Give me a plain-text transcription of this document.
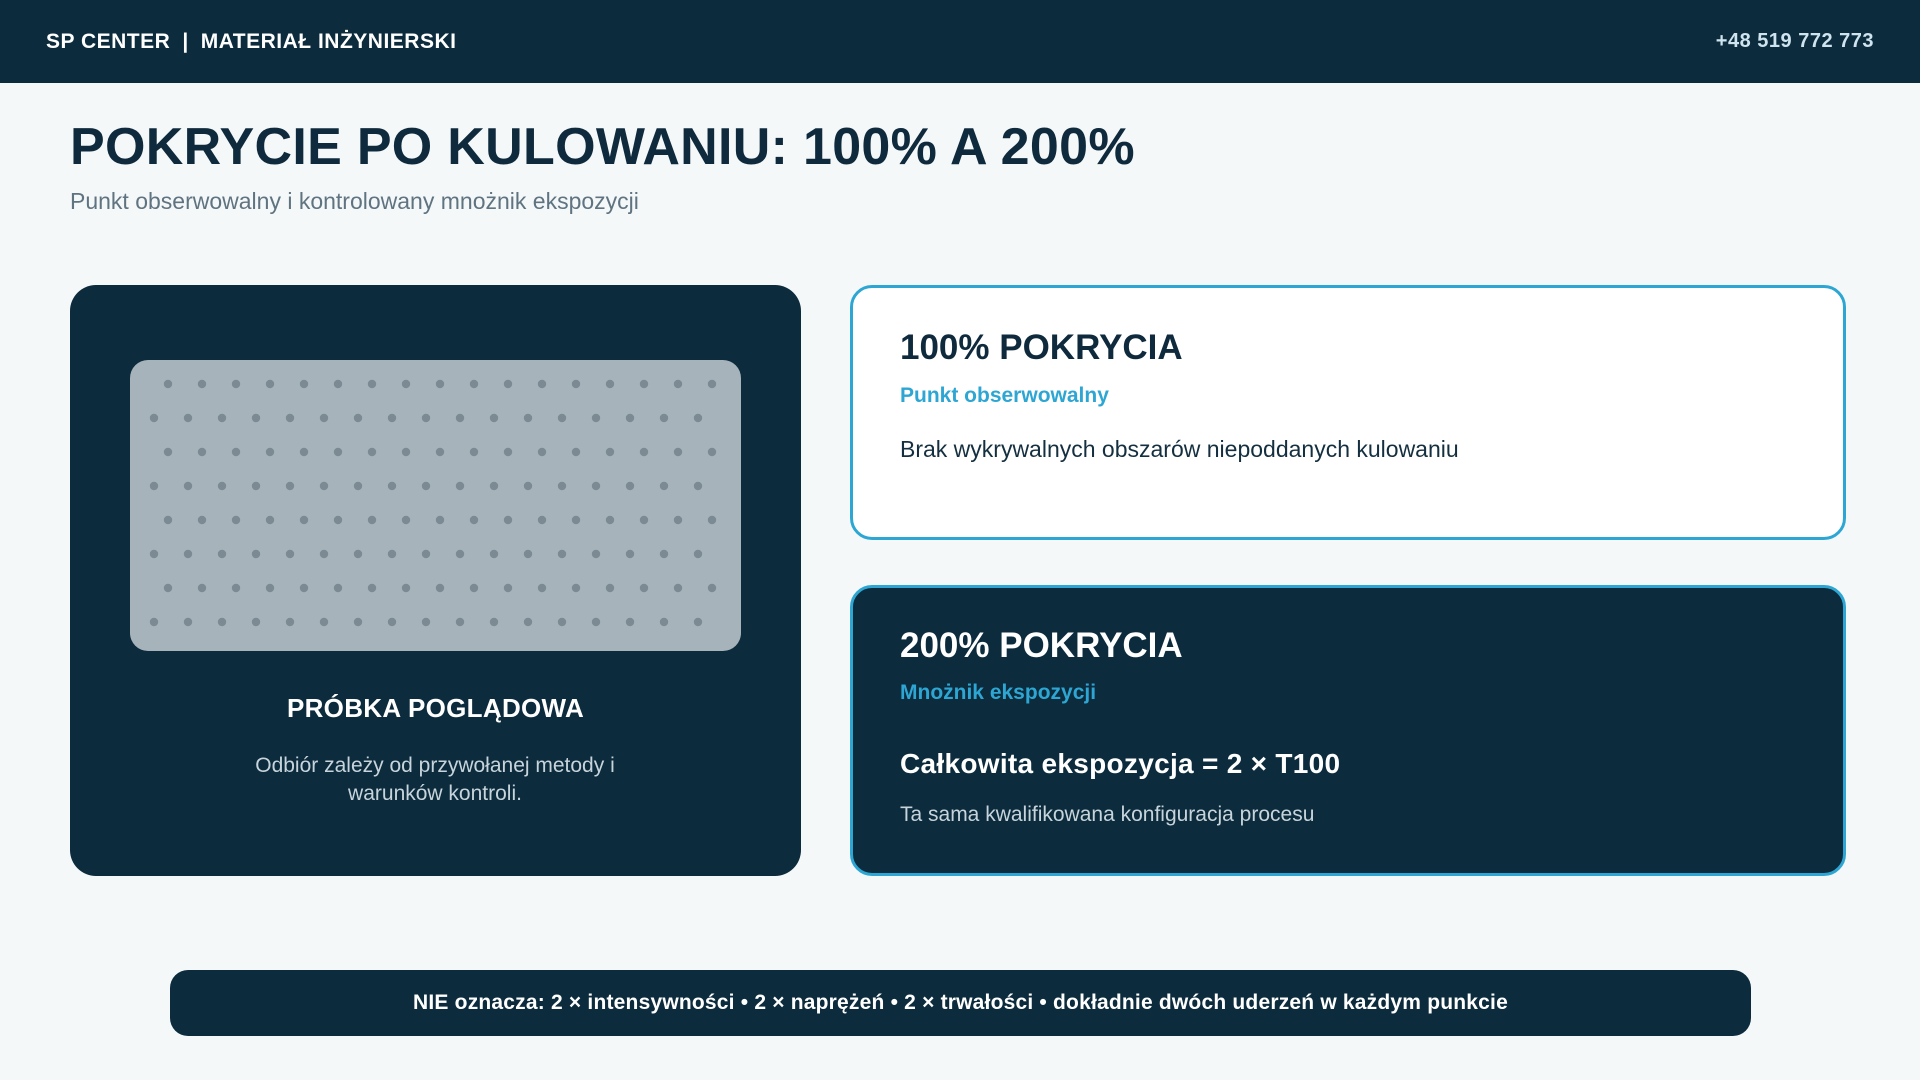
SP CENTER | MATERIAŁ INŻYNIERSKI	+48 519 772 773
POKRYCIE PO KULOWANIU: 100% A 200%
Punkt obserwowalny i kontrolowany mnożnik ekspozycji
PRÓBKA POGLĄDOWA
Odbiór zależy od przywołanej metody i warunków kontroli.
100% POKRYCIA
Punkt obserwowalny
Brak wykrywalnych obszarów niepoddanych kulowaniu
200% POKRYCIA
Mnożnik ekspozycji
Całkowita ekspozycja = 2 × T100
Ta sama kwalifikowana konfiguracja procesu
NIE oznacza: 2 × intensywności • 2 × naprężeń • 2 × trwałości • dokładnie dwóch uderzeń w każdym punkcie
